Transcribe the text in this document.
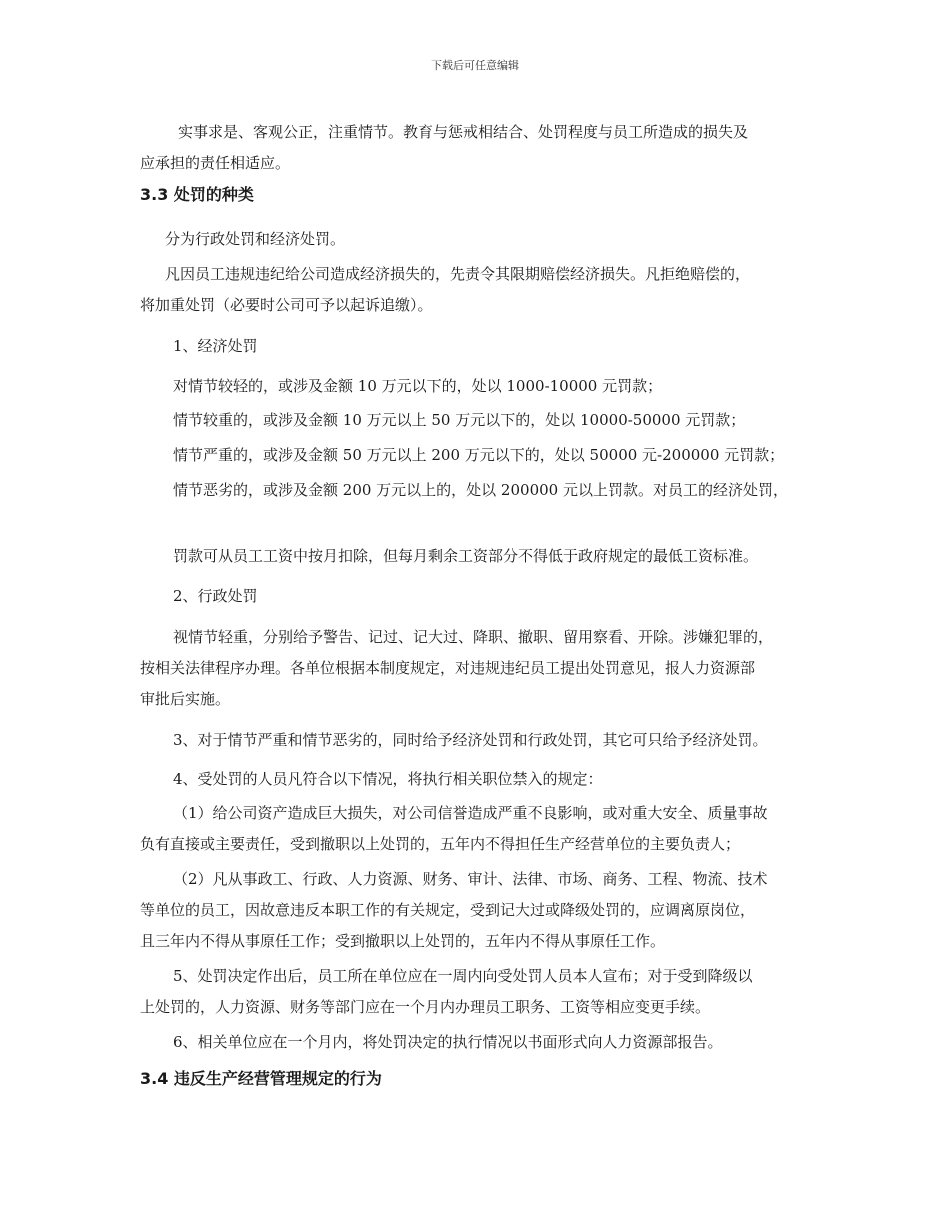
下载后可任意编辑
实事求是、客观公正，注重情节。教育与惩戒相结合、处罚程度与员工所造成的损失及
应承担的责任相适应。
3.3 处罚的种类
分为行政处罚和经济处罚。
凡因员工违规违纪给公司造成经济损失的，先责令其限期赔偿经济损失。凡拒绝赔偿的，
将加重处罚（必要时公司可予以起诉追缴）。
1、经济处罚
对情节较轻的，或涉及金额 10 万元以下的，处以 1000-10000 元罚款；
情节较重的，或涉及金额 10 万元以上 50 万元以下的，处以 10000-50000 元罚款；
情节严重的，或涉及金额 50 万元以上 200 万元以下的，处以 50000 元-200000 元罚款；
情节恶劣的，或涉及金额 200 万元以上的，处以 200000 元以上罚款。对员工的经济处罚，
罚款可从员工工资中按月扣除，但每月剩余工资部分不得低于政府规定的最低工资标准。
2、行政处罚
视情节轻重，分别给予警告、记过、记大过、降职、撤职、留用察看、开除。涉嫌犯罪的，
按相关法律程序办理。各单位根据本制度规定，对违规违纪员工提出处罚意见，报人力资源部
审批后实施。
3、对于情节严重和情节恶劣的，同时给予经济处罚和行政处罚，其它可只给予经济处罚。
4、受处罚的人员凡符合以下情况，将执行相关职位禁入的规定：
（1）给公司资产造成巨大损失，对公司信誉造成严重不良影响，或对重大安全、质量事故
负有直接或主要责任，受到撤职以上处罚的，五年内不得担任生产经营单位的主要负责人；
（2）凡从事政工、行政、人力资源、财务、审计、法律、市场、商务、工程、物流、技术
等单位的员工，因故意违反本职工作的有关规定，受到记大过或降级处罚的，应调离原岗位，
且三年内不得从事原任工作；受到撤职以上处罚的，五年内不得从事原任工作。
5、处罚决定作出后，员工所在单位应在一周内向受处罚人员本人宣布；对于受到降级以
上处罚的，人力资源、财务等部门应在一个月内办理员工职务、工资等相应变更手续。
6、相关单位应在一个月内，将处罚决定的执行情况以书面形式向人力资源部报告。
3.4 违反生产经营管理规定的行为
